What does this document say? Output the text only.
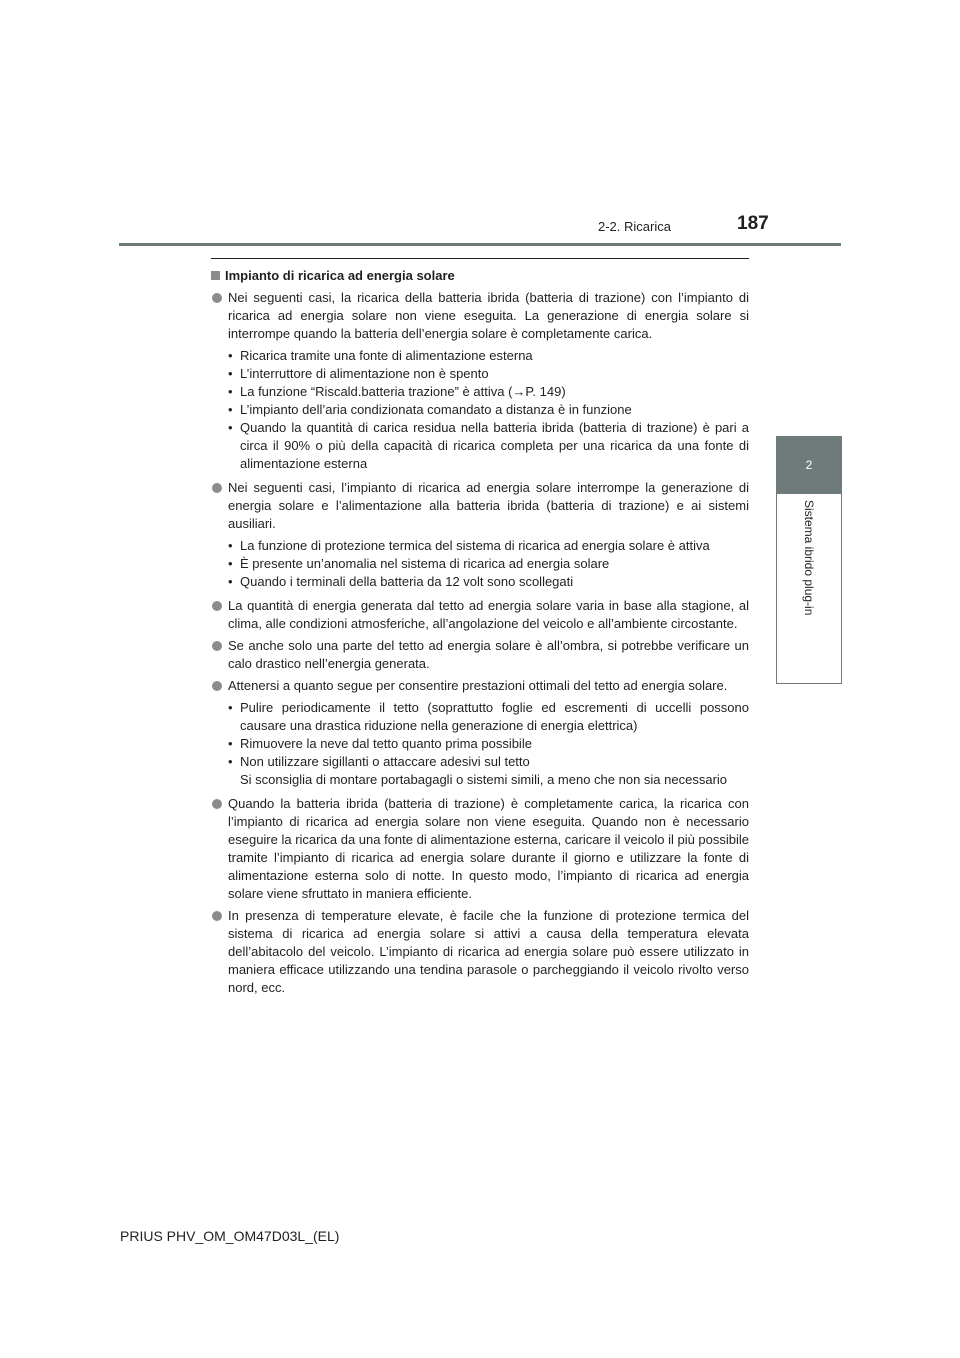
2-2. Ricarica	187
2
Sistema ibrido plug-in
Impianto di ricarica ad energia solare
Nei seguenti casi, la ricarica della batteria ibrida (batteria di trazione) con l’impianto di ricarica ad energia solare non viene eseguita. La generazione di energia solare si interrompe quando la batteria dell’energia solare è completamente carica.
• Ricarica tramite una fonte di alimentazione esterna
• L’interruttore di alimentazione non è spento
• La funzione “Riscald.batteria trazione” è attiva (→P. 149)
• L’impianto dell’aria condizionata comandato a distanza è in funzione
• Quando la quantità di carica residua nella batteria ibrida (batteria di trazione) è pari a circa il 90% o più della capacità di ricarica completa per una ricarica da una fonte di alimentazione esterna
Nei seguenti casi, l’impianto di ricarica ad energia solare interrompe la generazione di energia solare e l’alimentazione alla batteria ibrida (batteria di trazione) e ai sistemi ausiliari.
• La funzione di protezione termica del sistema di ricarica ad energia solare è attiva
• È presente un’anomalia nel sistema di ricarica ad energia solare
• Quando i terminali della batteria da 12 volt sono scollegati
La quantità di energia generata dal tetto ad energia solare varia in base alla stagione, al clima, alle condizioni atmosferiche, all’angolazione del veicolo e all’ambiente circostante.
Se anche solo una parte del tetto ad energia solare è all’ombra, si potrebbe verificare un calo drastico nell’energia generata.
Attenersi a quanto segue per consentire prestazioni ottimali del tetto ad energia solare.
• Pulire periodicamente il tetto (soprattutto foglie ed escrementi di uccelli possono causare una drastica riduzione nella generazione di energia elettrica)
• Rimuovere la neve dal tetto quanto prima possibile
• Non utilizzare sigillanti o attaccare adesivi sul tetto
Si sconsiglia di montare portabagagli o sistemi simili, a meno che non sia necessario
Quando la batteria ibrida (batteria di trazione) è completamente carica, la ricarica con l’impianto di ricarica ad energia solare non viene eseguita. Quando non è necessario eseguire la ricarica da una fonte di alimentazione esterna, caricare il veicolo il più possibile tramite l’impianto di ricarica ad energia solare durante il giorno e utilizzare la fonte di alimentazione esterna solo di notte. In questo modo, l’impianto di ricarica ad energia solare viene sfruttato in maniera efficiente.
In presenza di temperature elevate, è facile che la funzione di protezione termica del sistema di ricarica ad energia solare si attivi a causa della temperatura elevata dell’abitacolo del veicolo. L’impianto di ricarica ad energia solare può essere utilizzato in maniera efficace utilizzando una tendina parasole o parcheggiando il veicolo rivolto verso nord, ecc.
PRIUS PHV_OM_OM47D03L_(EL)
